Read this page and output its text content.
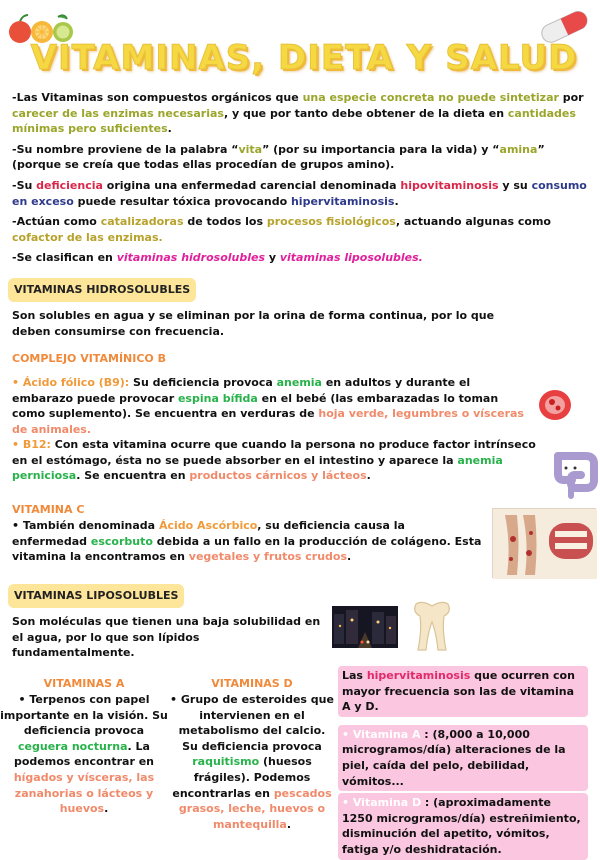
VITAMINAS, DIETA Y SALUD

-Las Vitaminas son compuestos orgánicos que una especie concreta no puede sintetizar por carecer de las enzimas necesarias, y que por tanto debe obtener de la dieta en cantidades mínimas pero suficientes.

-Su nombre proviene de la palabra “vita” (por su importancia para la vida) y “amina” (porque se creía que todas ellas procedían de grupos amino).

-Su deficiencia origina una enfermedad carencial denominada hipovitaminosis y su consumo en exceso puede resultar tóxica provocando hipervitaminosis.

-Actúan como catalizadoras de todos los procesos fisiológicos, actuando algunas como cofactor de las enzimas.

-Se clasifican en vitaminas hidrosolubles y vitaminas liposolubles.

VITAMINAS HIDROSOLUBLES

Son solubles en agua y se eliminan por la orina de forma continua, por lo que deben consumirse con frecuencia.

COMPLEJO VITAMÍNICO B

• Ácido fólico (B9): Su deficiencia provoca anemia en adultos y durante el embarazo puede provocar espina bífida en el bebé (las embarazadas lo toman como suplemento). Se encuentra en verduras de hoja verde, legumbres o vísceras de animales.

• B12: Con esta vitamina ocurre que cuando la persona no produce factor intrínseco en el estómago, ésta no se puede absorber en el intestino y aparece la anemia perniciosa. Se encuentra en productos cárnicos y lácteos.

VITAMINA C

• También denominada Ácido Ascórbico, su deficiencia causa la enfermedad escorbuto debida a un fallo en la producción de colágeno. Esta vitamina la encontramos en vegetales y frutos crudos.

VITAMINAS LIPOSOLUBLES

Son moléculas que tienen una baja solubilidad en el agua, por lo que son lípidos fundamentalmente.

VITAMINAS A

• Terpenos con papel importante en la visión. Su deficiencia provoca ceguera nocturna. La podemos encontrar en hígados y vísceras, las zanahorias o lácteos y huevos.

VITAMINAS D

• Grupo de esteroides que intervienen en el metabolismo del calcio. Su deficiencia provoca raquitismo (huesos frágiles). Podemos encontrarlas en pescados grasos, leche, huevos o mantequilla.

Las hipervitaminosis que ocurren con mayor frecuencia son las de vitamina A y D.

• Vitamina A : (8,000 a 10,000 microgramos/día) alteraciones de la piel, caída del pelo, debilidad, vómitos...

• Vitamina D : (aproximadamente 1250 microgramos/día) estreñimiento, disminución del apetito, vómitos, fatiga y/o deshidratación.
